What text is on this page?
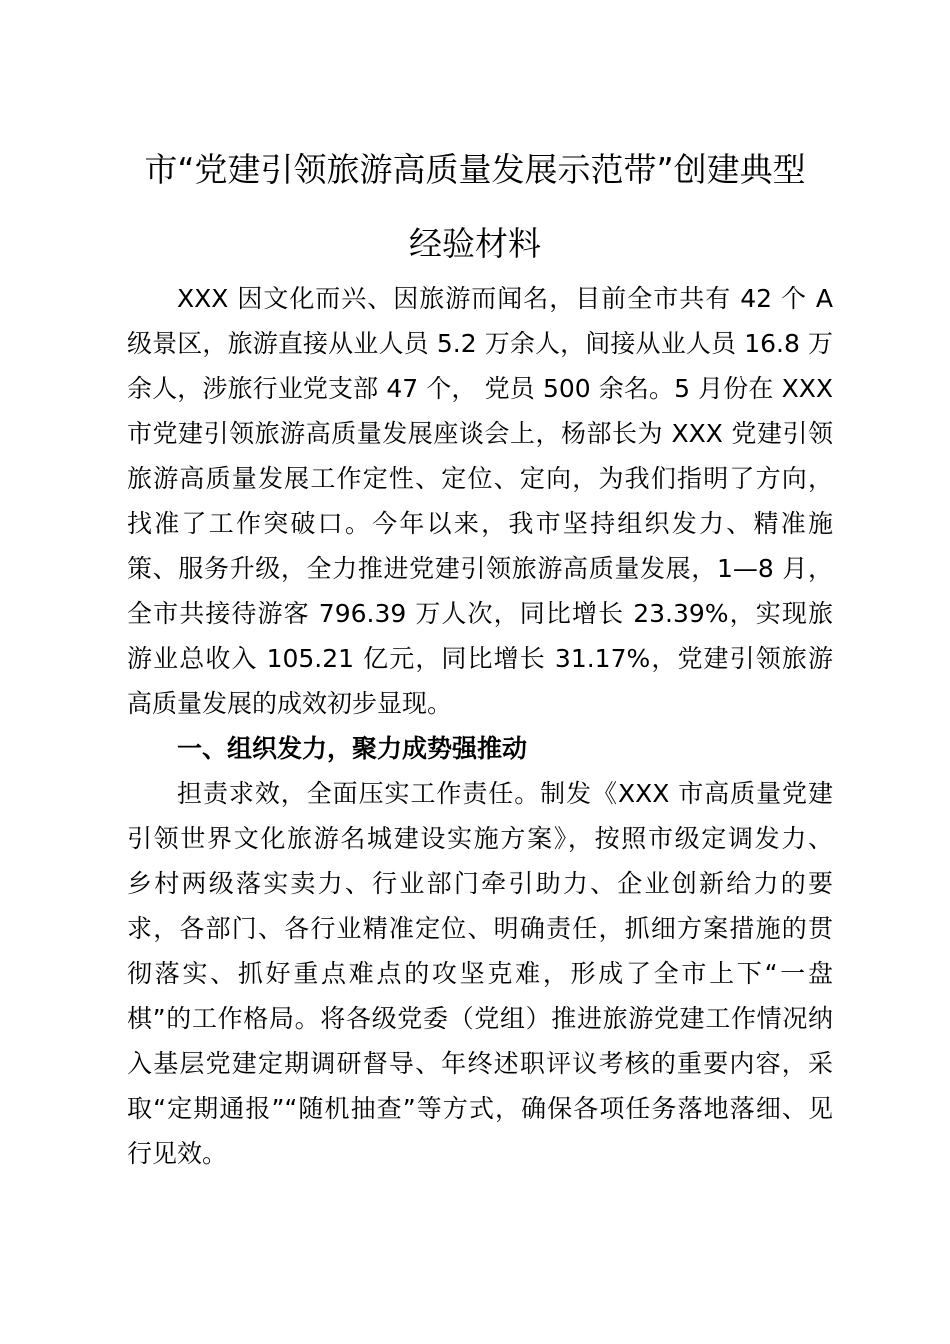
市“党建引领旅游高质量发展示范带”创建典型
经验材料
XXX 因文化而兴、因旅游而闻名，目前全市共有 42 个 A
级景区，旅游直接从业人员 5.2 万余人，间接从业人员 16.8 万
余人，涉旅行业党支部 47 个， 党员 500 余名。5 月份在 XXX
市党建引领旅游高质量发展座谈会上，杨部长为 XXX 党建引领
旅游高质量发展工作定性、定位、定向，为我们指明了方向，
找准了工作突破口。今年以来，我市坚持组织发力、精准施
策、服务升级，全力推进党建引领旅游高质量发展，1—8 月，
全市共接待游客 796.39 万人次，同比增长 23.39%，实现旅
游业总收入 105.21 亿元，同比增长 31.17%，党建引领旅游
高质量发展的成效初步显现。
一、组织发力，聚力成势强推动
担责求效，全面压实工作责任。制发《XXX 市高质量党建
引领世界文化旅游名城建设实施方案》，按照市级定调发力、
乡村两级落实卖力、行业部门牵引助力、企业创新给力的要
求，各部门、各行业精准定位、明确责任，抓细方案措施的贯
彻落实、抓好重点难点的攻坚克难，形成了全市上下“一盘
棋”的工作格局。将各级党委（党组）推进旅游党建工作情况纳
入基层党建定期调研督导、年终述职评议考核的重要内容，采
取“定期通报”“随机抽查”等方式，确保各项任务落地落细、见
行见效。
